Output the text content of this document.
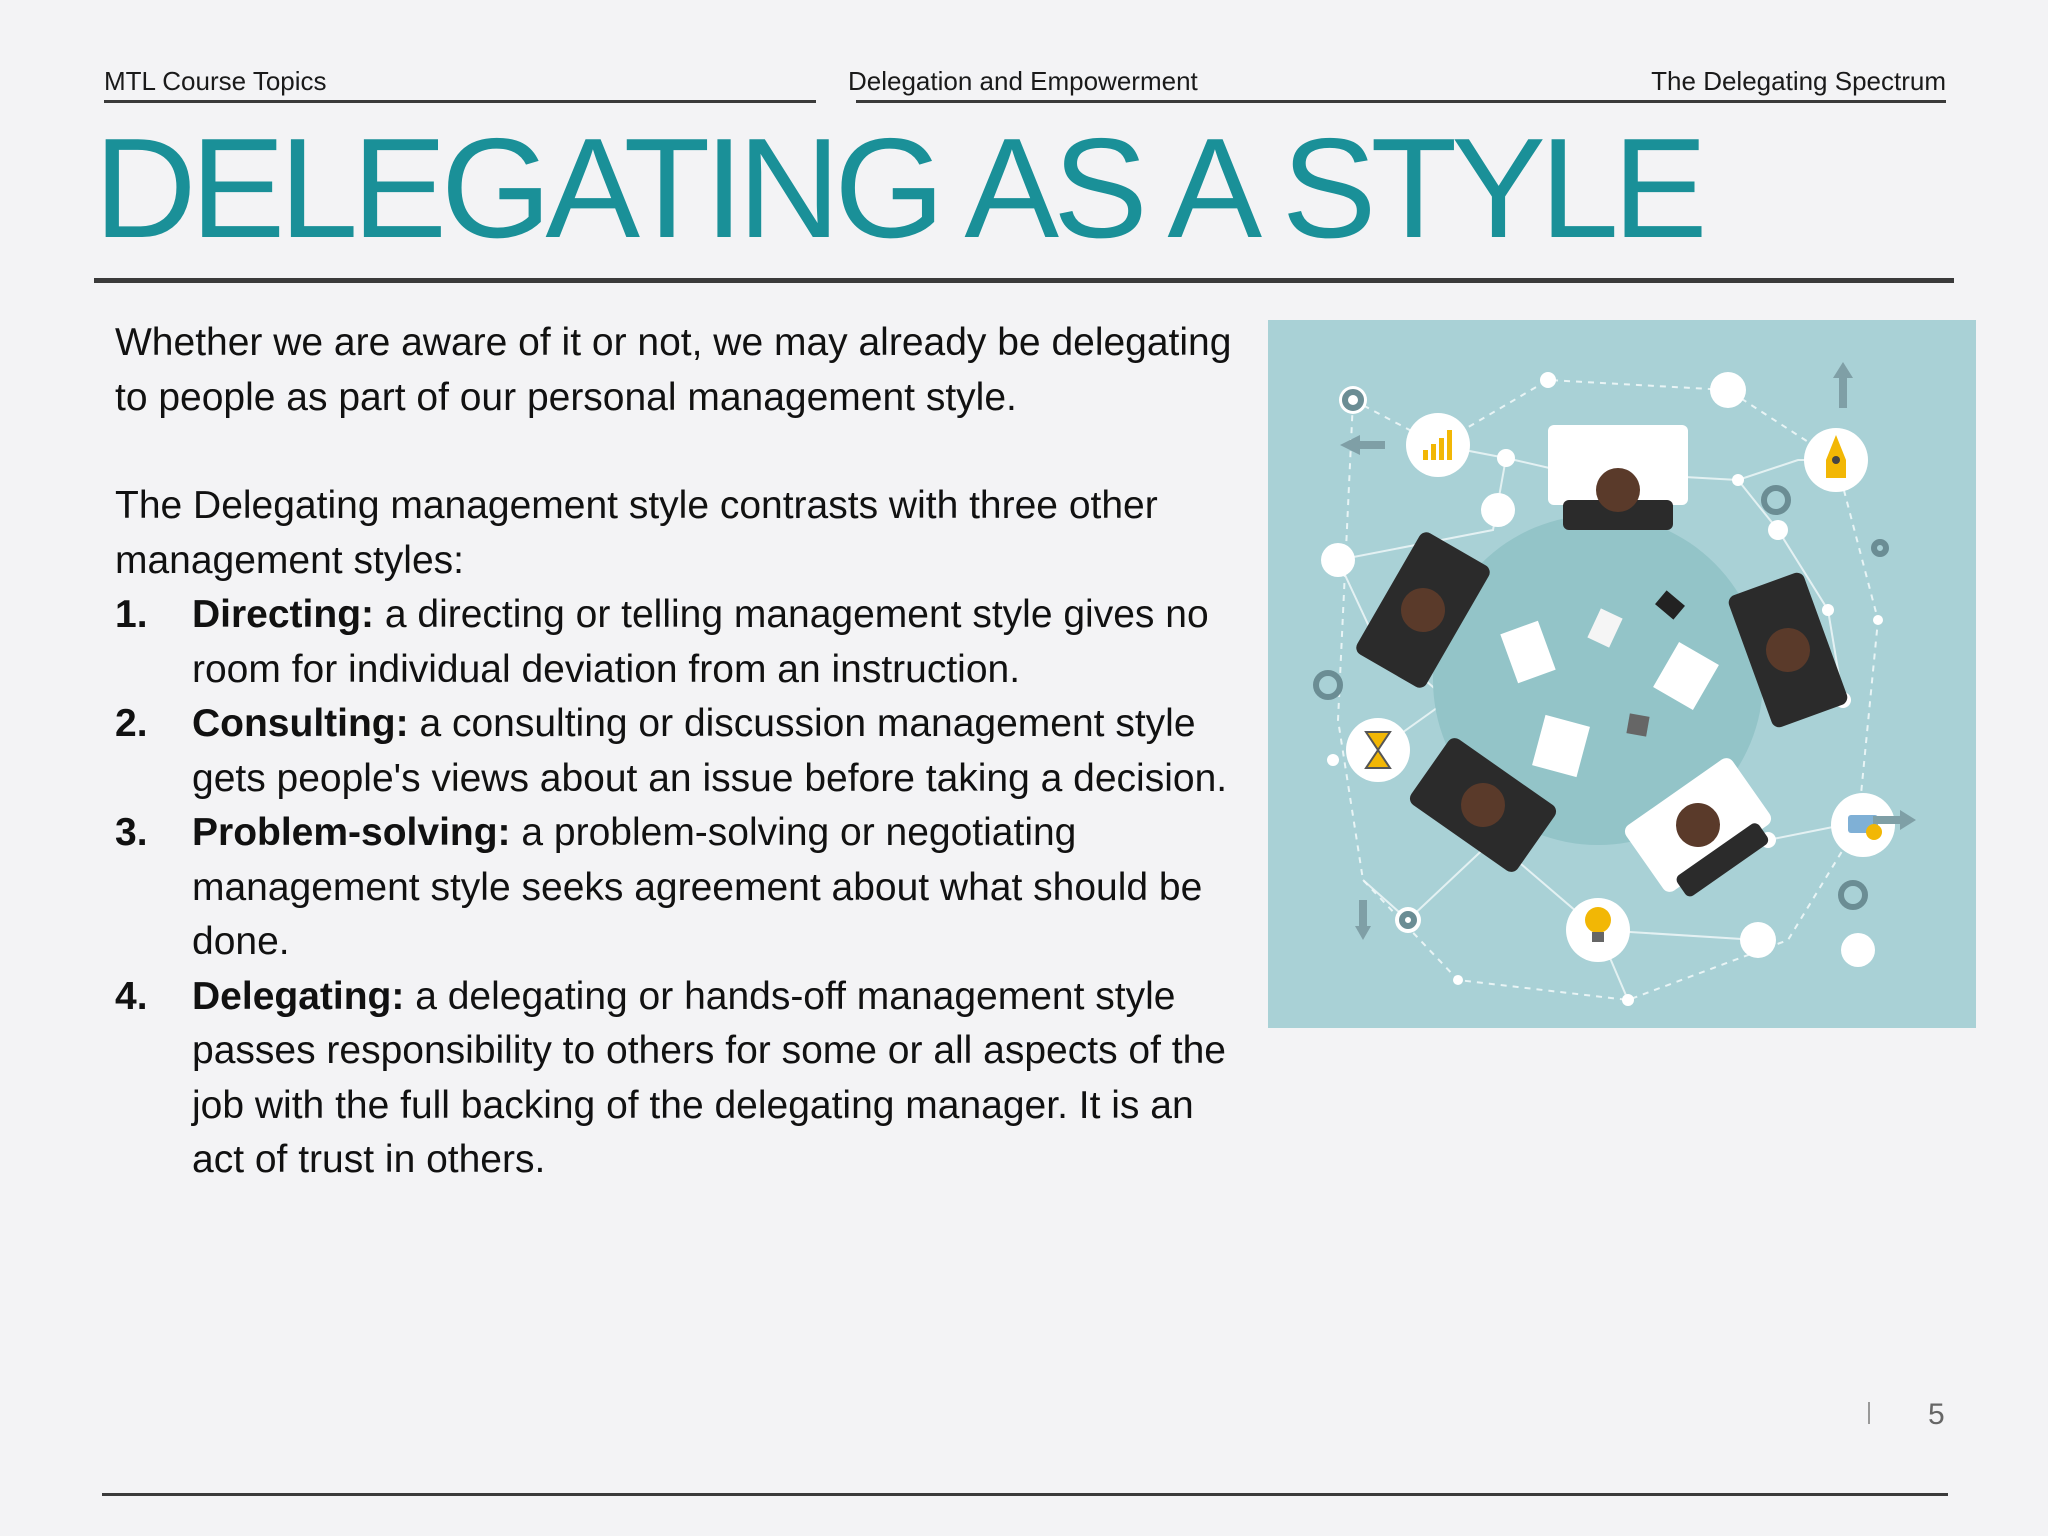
MTL Course Topics	Delegation and Empowerment	The Delegating Spectrum
DELEGATING AS A STYLE

Whether we are aware of it or not, we may already be delegating to people as part of our personal management style.

The Delegating management style contrasts with three other management styles:

1.	Directing: a directing or telling management style gives no room for individual deviation from an instruction.
2.	Consulting: a consulting or discussion management style gets people's views about an issue before taking a decision.
3.	Problem-solving: a problem-solving or negotiating management style seeks agreement about what should be done.
4.	Delegating: a delegating or hands-off management style passes responsibility to others for some or all aspects of the job with the full backing of the delegating manager. It is an act of trust in others.
5
